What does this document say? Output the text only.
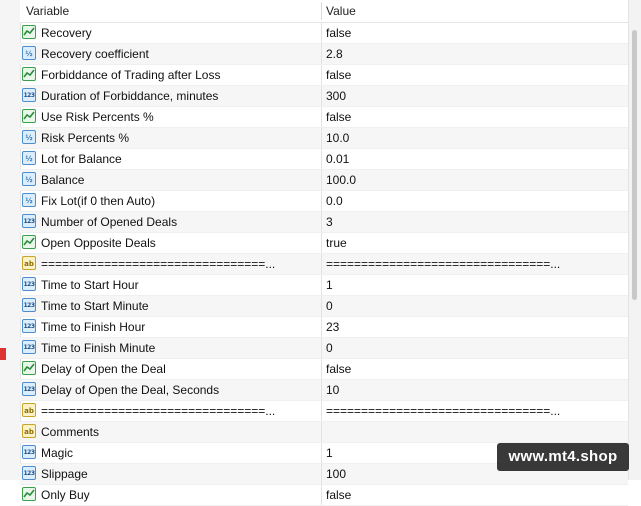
Variable	Value
Recovery	false
½ Recovery coefficient	2.8
Forbiddance of Trading after Loss	false
123 Duration of Forbiddance, minutes	300
Use Risk Percents %	false
½ Risk Percents %	10.0
½ Lot for Balance	0.01
½ Balance	100.0
½ Fix Lot(if 0 then Auto)	0.0
123 Number of Opened Deals	3
Open Opposite Deals	true
ab ================================...	================================...
123 Time to Start Hour	1
123 Time to Start Minute	0
123 Time to Finish Hour	23
123 Time to Finish Minute	0
Delay of Open the Deal	false
123 Delay of Open the Deal, Seconds	10
ab ================================...	================================...
ab Comments
123 Magic	1
123 Slippage	100
Only Buy	false
www.mt4.shop
